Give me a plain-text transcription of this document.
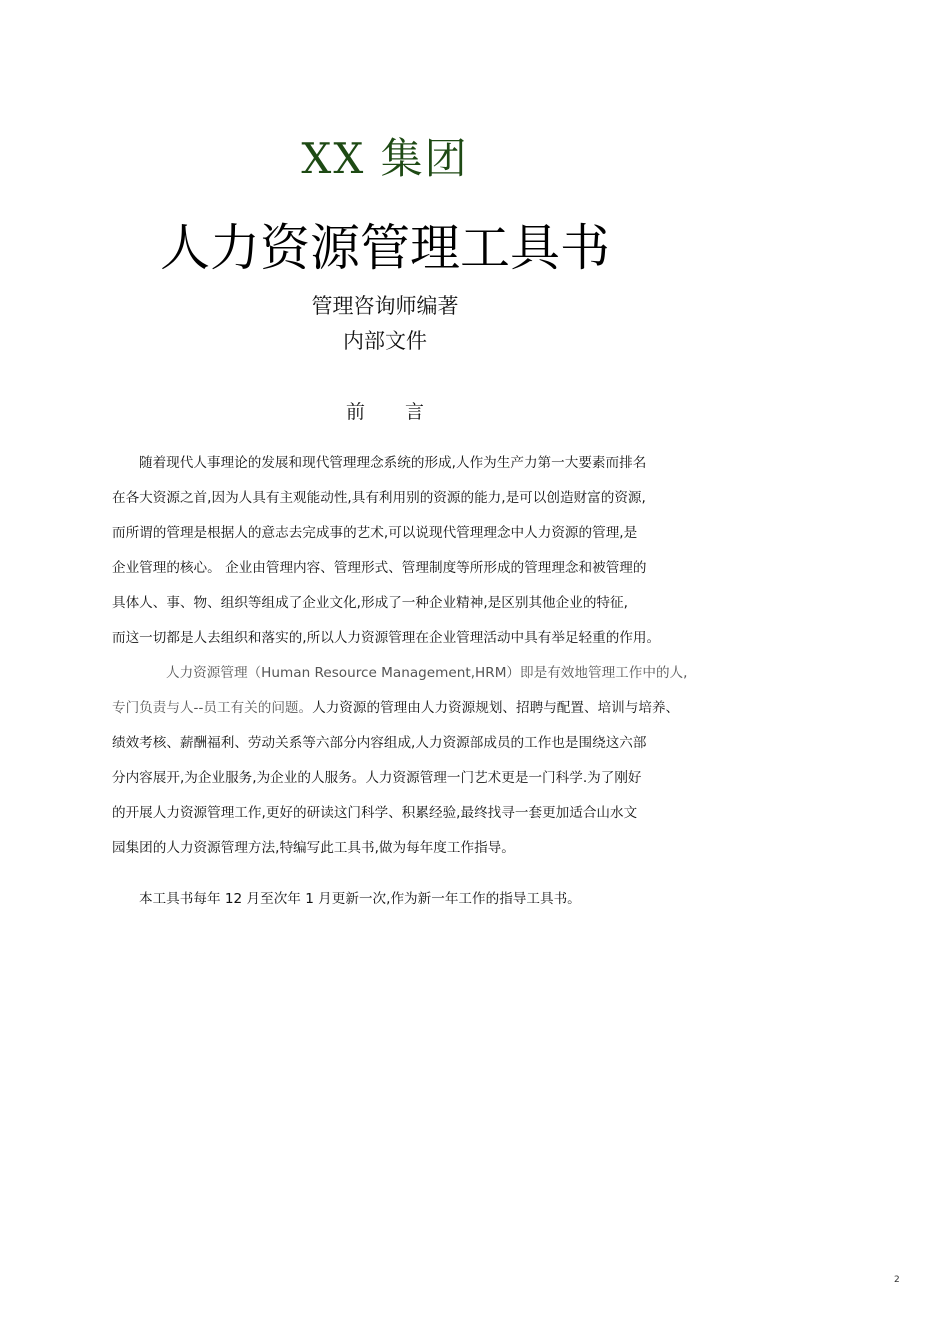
XX 集团
人力资源管理工具书
管理咨询师编著
内部文件
前 言
随着现代人事理论的发展和现代管理理念系统的形成,人作为生产力第一大要素而排名
在各大资源之首,因为人具有主观能动性,具有利用别的资源的能力,是可以创造财富的资源,
而所谓的管理是根据人的意志去完成事的艺术,可以说现代管理理念中人力资源的管理,是
企业管理的核心。 企业由管理内容、管理形式、管理制度等所形成的管理理念和被管理的
具体人、事、物、组织等组成了企业文化,形成了一种企业精神,是区别其他企业的特征,
而这一切都是人去组织和落实的,所以人力资源管理在企业管理活动中具有举足轻重的作用。
人力资源管理（Human Resource Management,HRM）即是有效地管理工作中的人,
专门负责与人--员工有关的问题。人力资源的管理由人力资源规划、招聘与配置、培训与培养、
绩效考核、薪酬福利、劳动关系等六部分内容组成,人力资源部成员的工作也是围绕这六部
分内容展开,为企业服务,为企业的人服务。人力资源管理一门艺术更是一门科学.为了刚好
的开展人力资源管理工作,更好的研读这门科学、积累经验,最终找寻一套更加适合山水文
园集团的人力资源管理方法,特编写此工具书,做为每年度工作指导。
本工具书每年 12 月至次年 1 月更新一次,作为新一年工作的指导工具书。
2
